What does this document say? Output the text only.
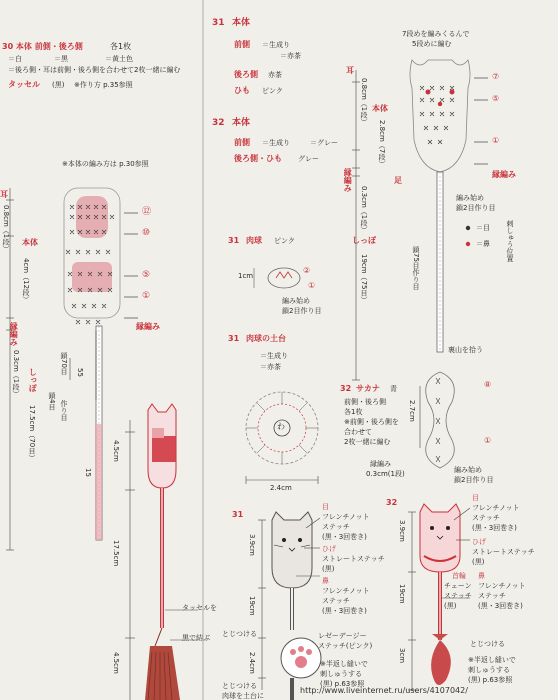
30 本体 前側・後ろ側	各1枚
＝白	＝黒	＝黄土色
＝後ろ側・耳は前側・後ろ側を合わせて2枚一緒に編む
タッセル (黒) ※作り方 p.35参照
※本体の編み方は p.30参照
耳
0.8cm（1段） 本体
4cm（12段）
縁編み
0.3cm（1段） しっぽ
17.5cm（70目）
鎖70目
鎖4目 作り目
⑫
⑩
⑤
①
縁編み
55
15
4.5cm
17.5cm
4.5cm
タッセルを
黒で結ぶ
31 本体
前側 ＝生成り
＝赤茶
後ろ側 赤茶
ひも ピンク
32 本体
前側 ＝生成り	＝グレー
後ろ側・ひも グレー
31 肉球 ピンク
1cm
②
①
編み始め
鎖2目作り目
31 肉球の土台
＝生成り
＝赤茶
わ
2.4cm
32 サカナ 青
前側・後ろ側
各1枚
※前側・後ろ側を
合わせて
2枚一緒に編む
2.7cm
⑧
①
縁編み
0.3cm(1段)	編み始め
鎖2目作り目
7段めを編みくるんで
5段めに編む
耳
0.8cm（1段） 本体
2.8cm（7段）
縁編み
0.3cm（1段）
しっぽ
19cm（75目）
⑦
⑤
①
足
縁編み
編み始め
鎖2目作り目
＝目
＝鼻 刺しゅう位置
鎖75目作り目
裏山を拾う
31
目
フレンチノット
ステッチ
(黒・3回巻き)
ひげ
ストレートステッチ
(黒)
鼻
フレンチノット
ステッチ
(黒・3回巻き)
3.9cm
19cm
2.4cm
とじつける	レゼーデージー
ステッチ(ピンク)
とじつける
肉球を土台に
※半返し縫いで
刺しゅうする
(黒) p.63参照
32	目
フレンチノット
ステッチ
(黒・3回巻き)
ひげ
ストレートステッチ
(黒)
首輪
チェーン
ステッチ
(黒)
鼻
フレンチノット
ステッチ
(黒・3回巻き)
3.9cm
19cm
3cm
とじつける
※半返し縫いで
刺しゅうする
(黒) p.63参照
http://www.liveinternet.ru/users/4107042/
